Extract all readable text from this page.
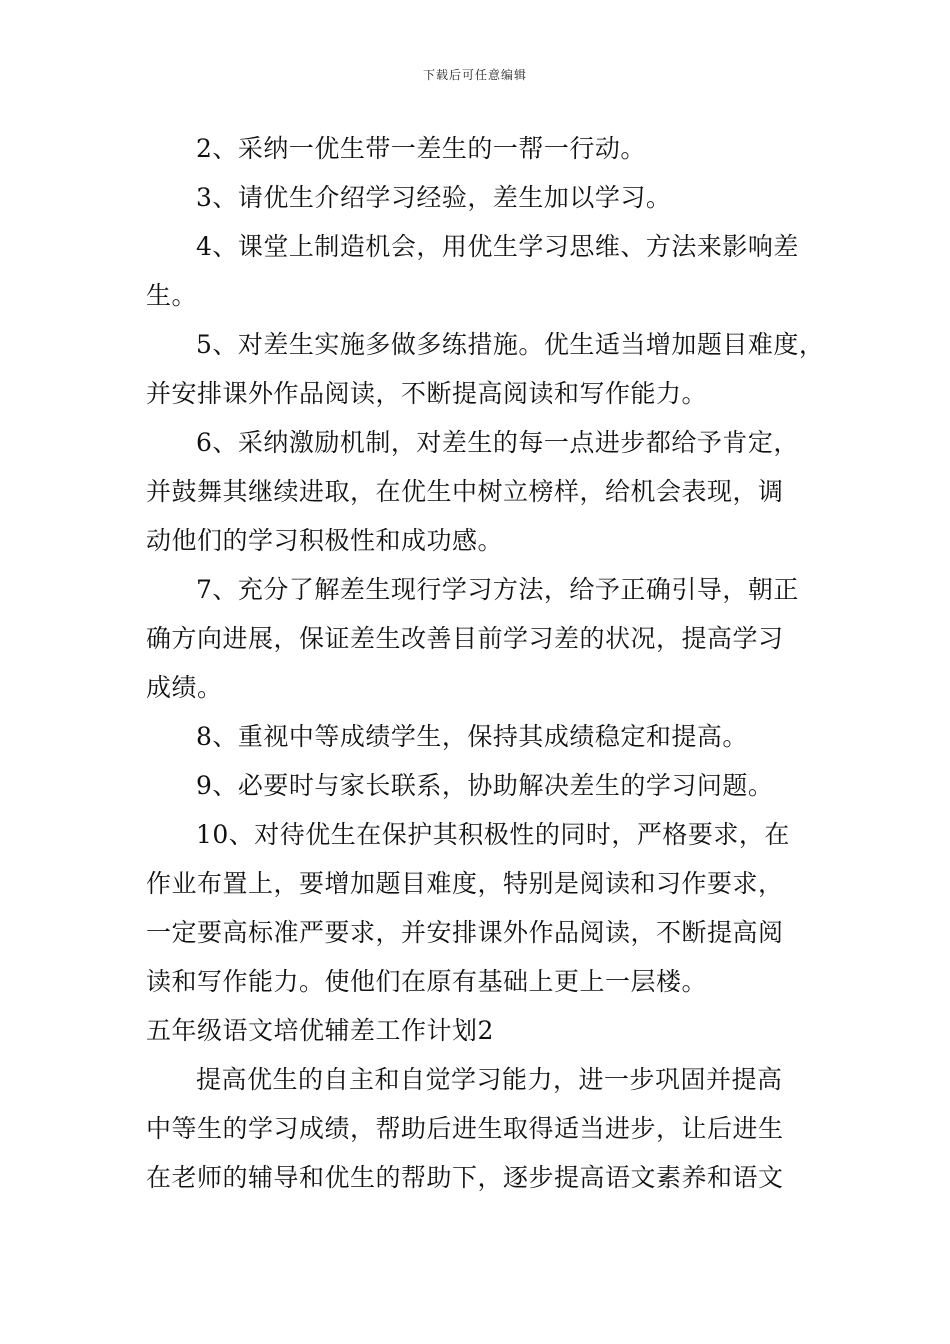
下载后可任意编辑
2、采纳一优生带一差生的一帮一行动。
3、请优生介绍学习经验，差生加以学习。
4、课堂上制造机会，用优生学习思维、方法来影响差
生。
5、对差生实施多做多练措施。优生适当增加题目难度，
并安排课外作品阅读，不断提高阅读和写作能力。
6、采纳激励机制，对差生的每一点进步都给予肯定，
并鼓舞其继续进取，在优生中树立榜样，给机会表现，调
动他们的学习积极性和成功感。
7、充分了解差生现行学习方法，给予正确引导，朝正
确方向进展，保证差生改善目前学习差的状况，提高学习
成绩。
8、重视中等成绩学生，保持其成绩稳定和提高。
9、必要时与家长联系，协助解决差生的学习问题。
10、对待优生在保护其积极性的同时，严格要求，在
作业布置上，要增加题目难度，特别是阅读和习作要求，
一定要高标准严要求，并安排课外作品阅读，不断提高阅
读和写作能力。使他们在原有基础上更上一层楼。
五年级语文培优辅差工作计划2
提高优生的自主和自觉学习能力，进一步巩固并提高
中等生的学习成绩，帮助后进生取得适当进步，让后进生
在老师的辅导和优生的帮助下，逐步提高语文素养和语文
